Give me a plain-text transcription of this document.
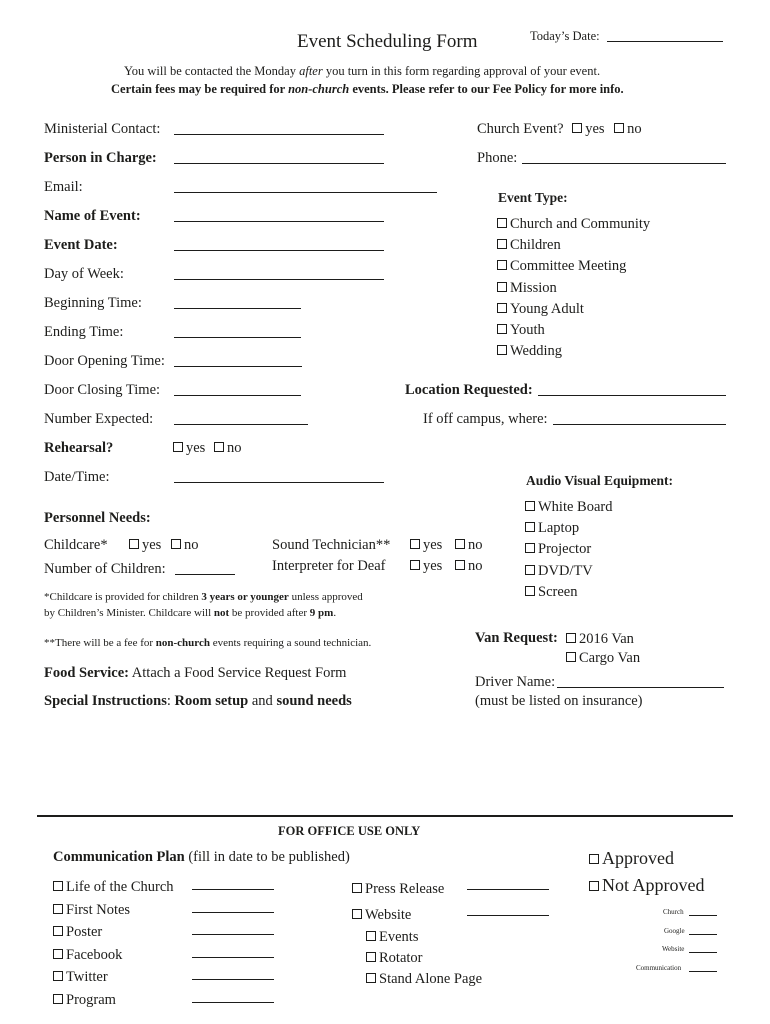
Event Scheduling Form	Today’s Date:
You will be contacted the Monday after you turn in this form regarding approval of your event.
Certain fees may be required for non-church events. Please refer to our Fee Policy for more info.
Ministerial Contact:
Person in Charge:
Email:
Name of Event:
Event Date:
Day of Week:
Beginning Time:
Ending Time:
Door Opening Time:
Door Closing Time:
Number Expected:
Rehearsal?	yes no
Date/Time:
Church Event? yes no
Phone:
Event Type:
Church and Community
Children
Committee Meeting
Mission
Young Adult
Youth
Wedding
Location Requested:
If off campus, where:
Audio Visual Equipment:
White Board
Laptop
Projector
DVD/TV
Screen
Personnel Needs:
Childcare*	yes no
Number of Children:
Sound Technician**	yes no
Interpreter for Deaf	yes no
*Childcare is provided for children 3 years or younger unless approved
by Children’s Minister. Childcare will not be provided after 9 pm.
**There will be a fee for non-church events requiring a sound technician.
Food Service: Attach a Food Service Request Form
Special Instructions: Room setup and sound needs
Van Request:	2016 Van
Cargo Van
Driver Name:
(must be listed on insurance)
FOR OFFICE USE ONLY
Communication Plan (fill in date to be published)
Life of the Church
First Notes
Poster
Facebook
Twitter
Program
Press Release
Website
Events
Rotator
Stand Alone Page
Approved
Not Approved
Church
Google
Website
Communication
